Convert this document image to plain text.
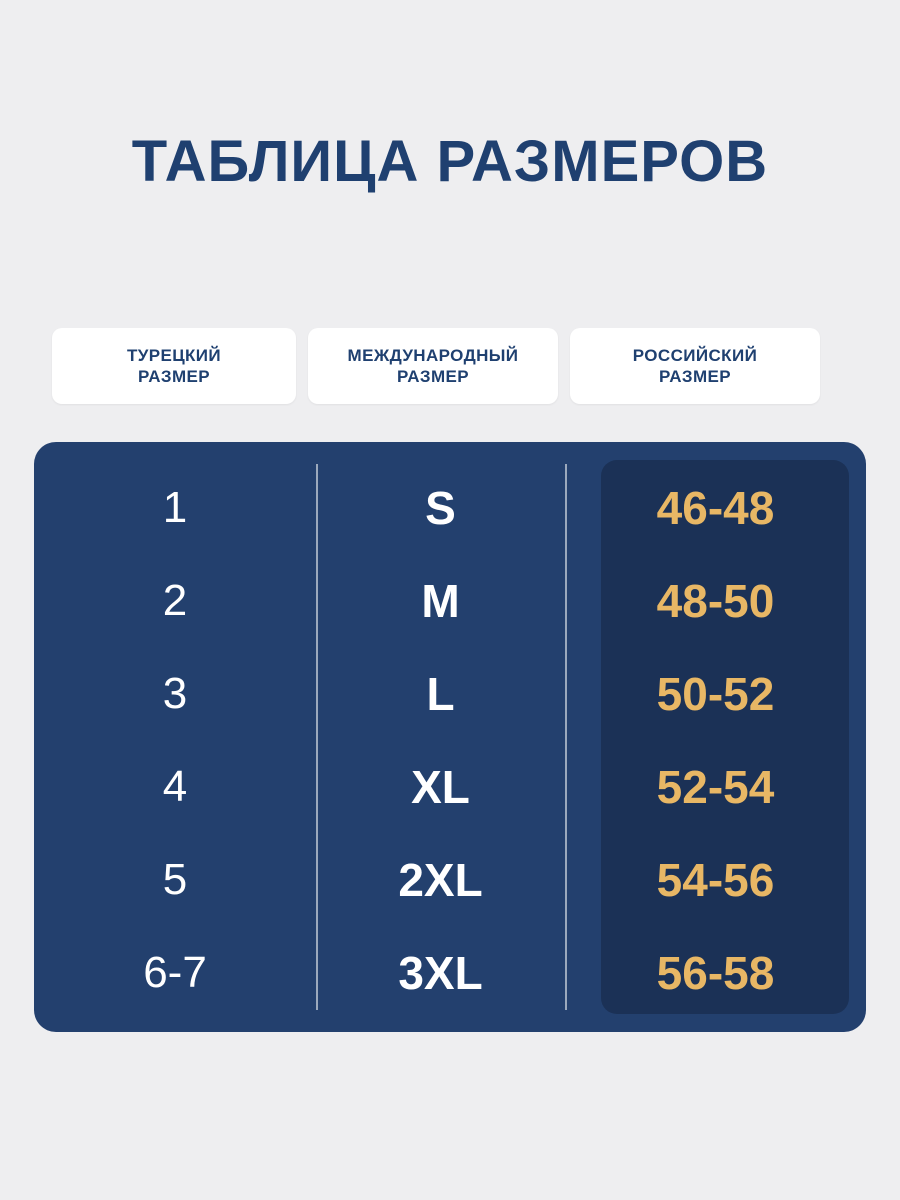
ТАБЛИЦА РАЗМЕРОВ
ТУРЕЦКИЙ
РАЗМЕР
МЕЖДУНАРОДНЫЙ
РАЗМЕР
РОССИЙСКИЙ
РАЗМЕР
1
2
3
4
5
6-7
S
M
L
XL
2XL
3XL
46-48
48-50
50-52
52-54
54-56
56-58
